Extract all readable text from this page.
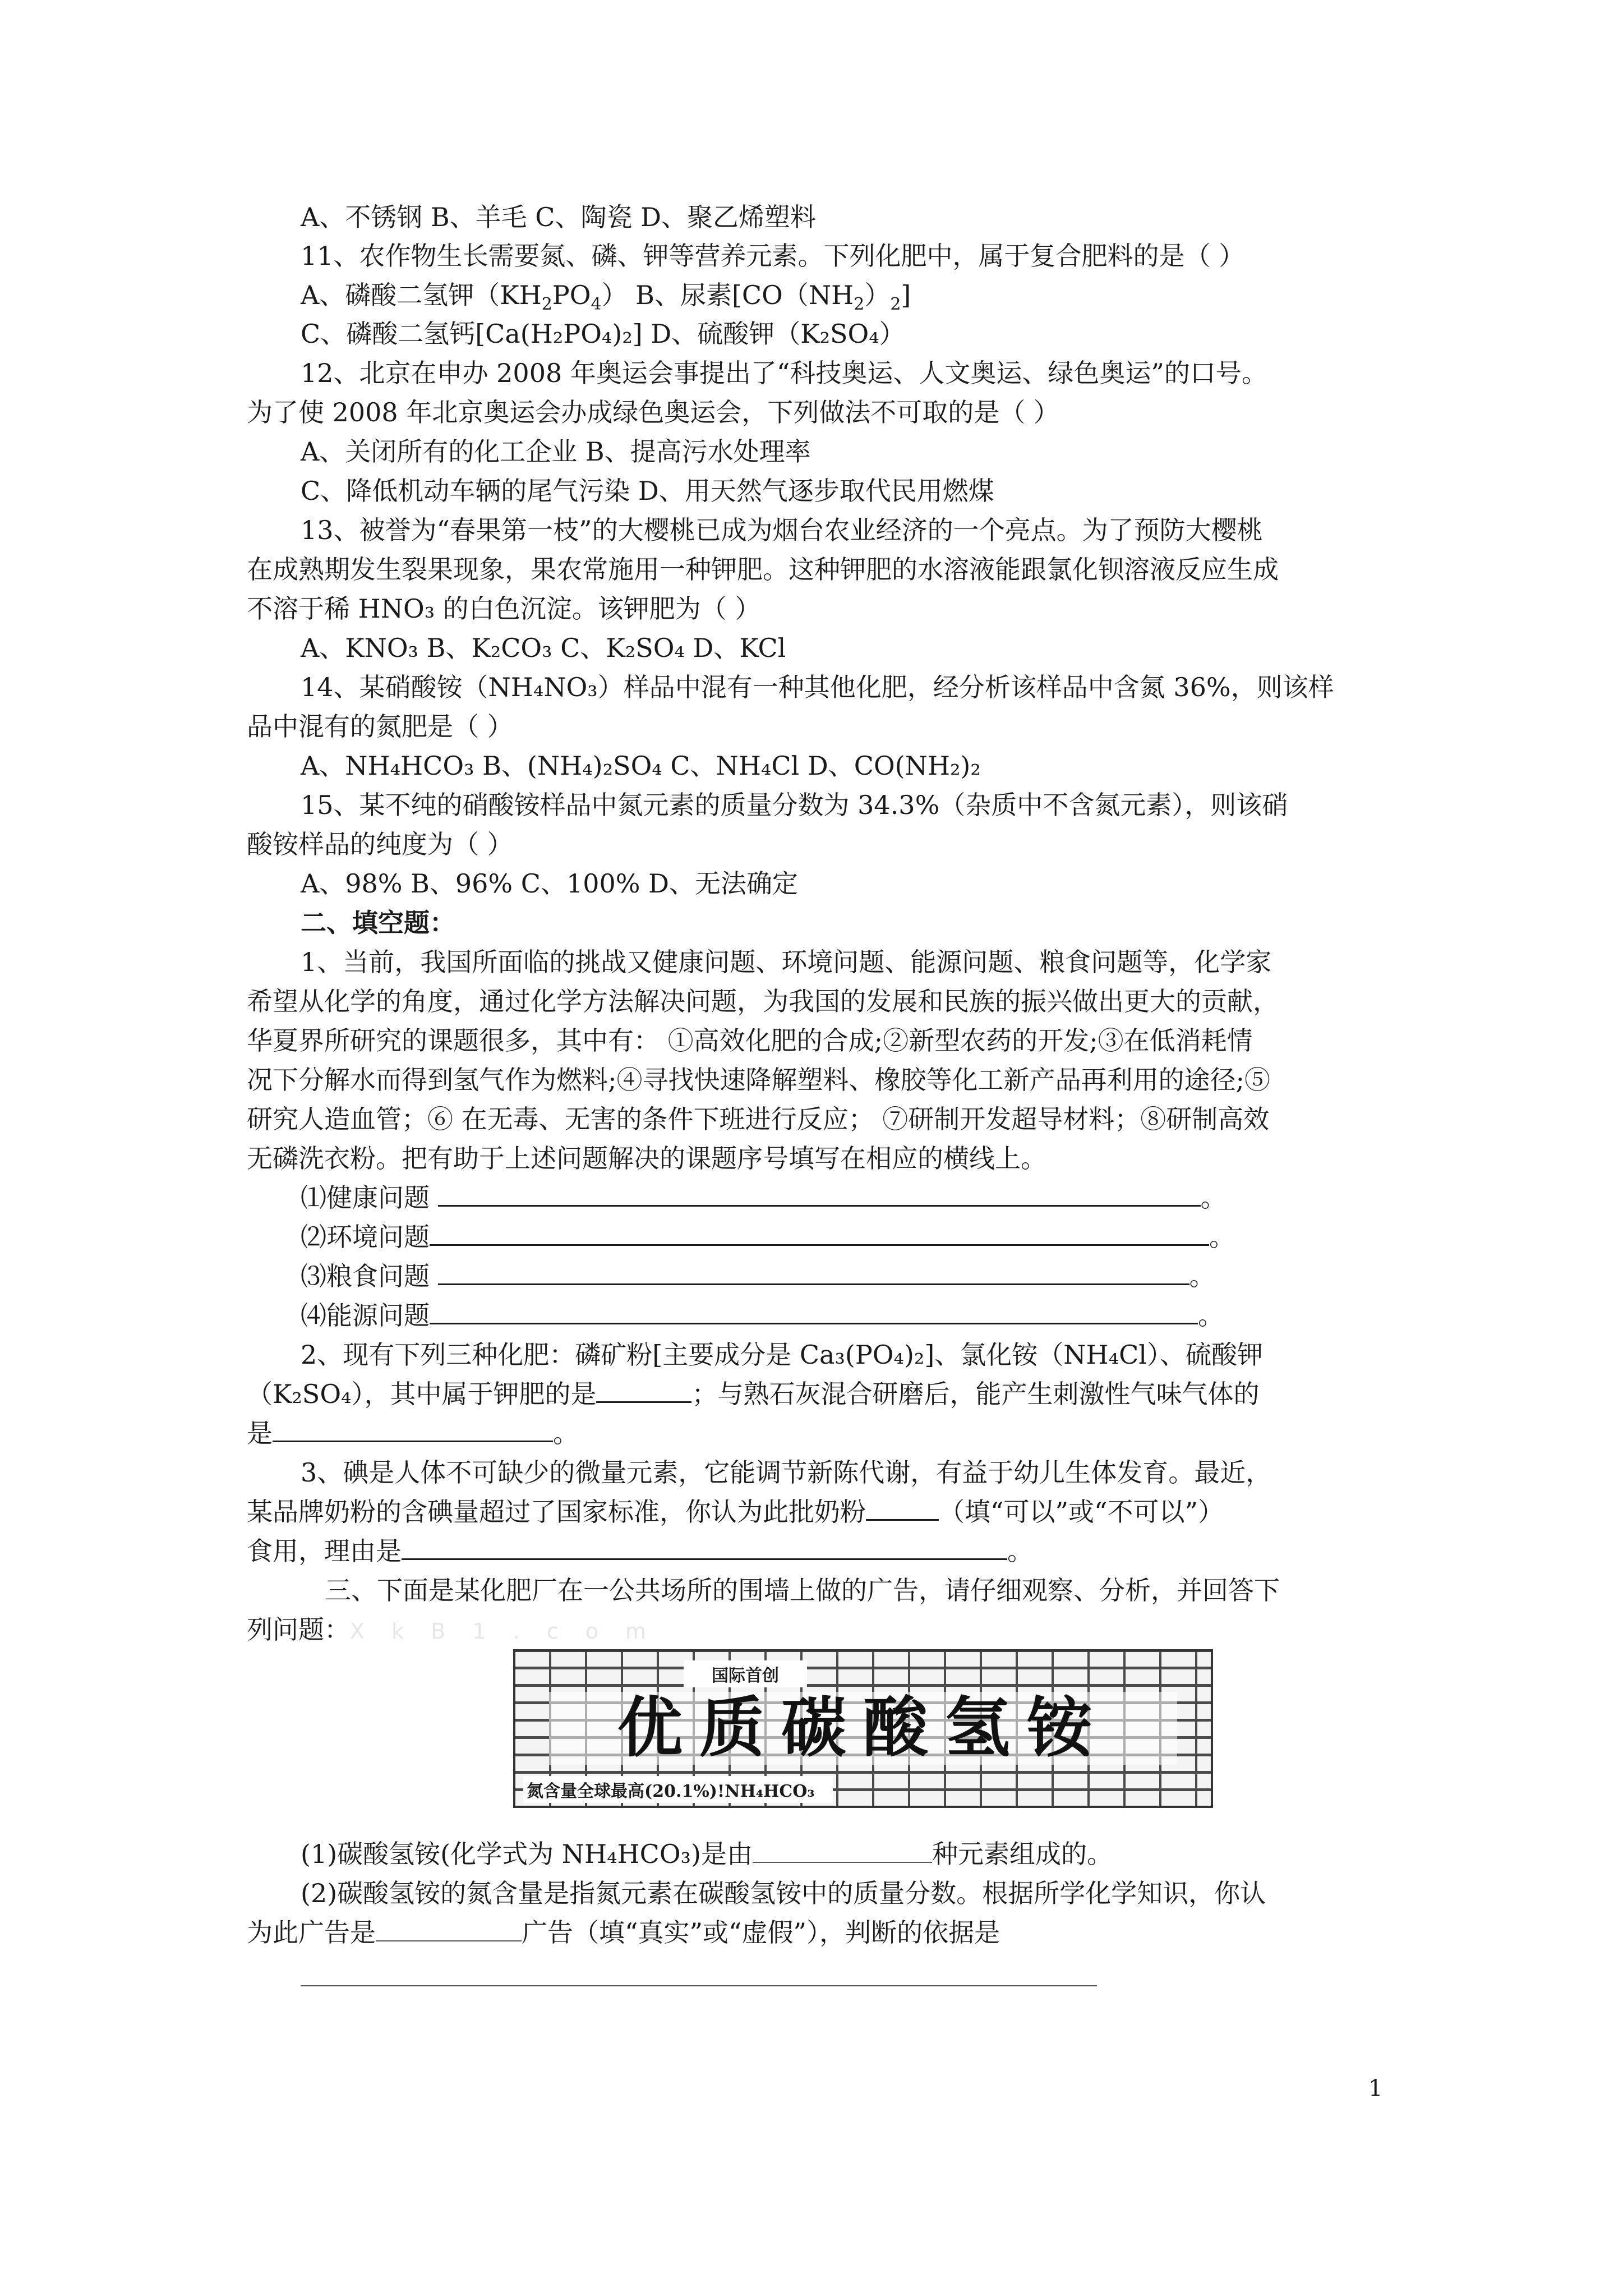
A、不锈钢 B、羊毛 C、陶瓷 D、聚乙烯塑料
11、农作物生长需要氮、磷、钾等营养元素。下列化肥中，属于复合肥料的是（ ）
A、磷酸二氢钾$(KH_2PO_4)$ B、尿素$[CO(NH_2)_2]$
C、磷酸二氢钙[Ca(H₂PO₄)₂] D、硫酸钾（K₂SO₄）
12、北京在申办 2008 年奥运会事提出了“科技奥运、人文奥运、绿色奥运”的口号。
为了使 2008 年北京奥运会办成绿色奥运会，下列做法不可取的是（ ）
A、关闭所有的化工企业 B、提高污水处理率
C、降低机动车辆的尾气污染 D、用天然气逐步取代民用燃煤
13、被誉为“春果第一枝”的大樱桃已成为烟台农业经济的一个亮点。为了预防大樱桃
在成熟期发生裂果现象，果农常施用一种钾肥。这种钾肥的水溶液能跟氯化钡溶液反应生成
不溶于稀 HNO₃ 的白色沉淀。该钾肥为（ ）
A、KNO₃ B、K₂CO₃ C、K₂SO₄ D、KCl
14、某硝酸铵（NH₄NO₃）样品中混有一种其他化肥，经分析该样品中含氮 36%，则该样
品中混有的氮肥是（ ）
A、NH₄HCO₃ B、(NH₄)₂SO₄ C、NH₄Cl D、CO(NH₂)₂
15、某不纯的硝酸铵样品中氮元素的质量分数为 34.3%（杂质中不含氮元素），则该硝
酸铵样品的纯度为（ ）
A、98% B、96% C、100% D、无法确定
二、填空题：
1、当前，我国所面临的挑战又健康问题、环境问题、能源问题、粮食问题等，化学家
希望从化学的角度，通过化学方法解决问题，为我国的发展和民族的振兴做出更大的贡献，
华夏界所研究的课题很多，其中有： ①高效化肥的合成;②新型农药的开发;③在低消耗情
况下分解水而得到氢气作为燃料;④寻找快速降解塑料、橡胶等化工新产品再利用的途径;⑤
研究人造血管；⑥ 在无毒、无害的条件下班进行反应； ⑦研制开发超导材料；⑧研制高效
无磷洗衣粉。把有助于上述问题解决的课题序号填写在相应的横线上。
⑴健康问题	。
⑵环境问题	。
⑶粮食问题	。
⑷能源问题	。
2、现有下列三种化肥：磷矿粉[主要成分是 Ca₃(PO₄)₂]、氯化铵（NH₄Cl）、硫酸钾
（K₂SO₄），其中属于钾肥的是	；与熟石灰混合研磨后，能产生刺激性气味气体的
是	。
3、碘是人体不可缺少的微量元素，它能调节新陈代谢，有益于幼儿生体发育。最近，
某品牌奶粉的含碘量超过了国家标准，你认为此批奶粉	（填“可以”或“不可以”）
食用，理由是	。
三、下面是某化肥厂在一公共场所的围墙上做的广告，请仔细观察、分析，并回答下
列问题：X k B 1 . c o m
国际首创
优质碳酸氢铵
氮含量全球最高(20.1%)!NH₄HCO₃
(1)碳酸氢铵(化学式为 NH₄HCO₃)是由	种元素组成的。
(2)碳酸氢铵的氮含量是指氮元素在碳酸氢铵中的质量分数。根据所学化学知识，你认
为此广告是	广告（填“真实”或“虚假”），判断的依据是
1
